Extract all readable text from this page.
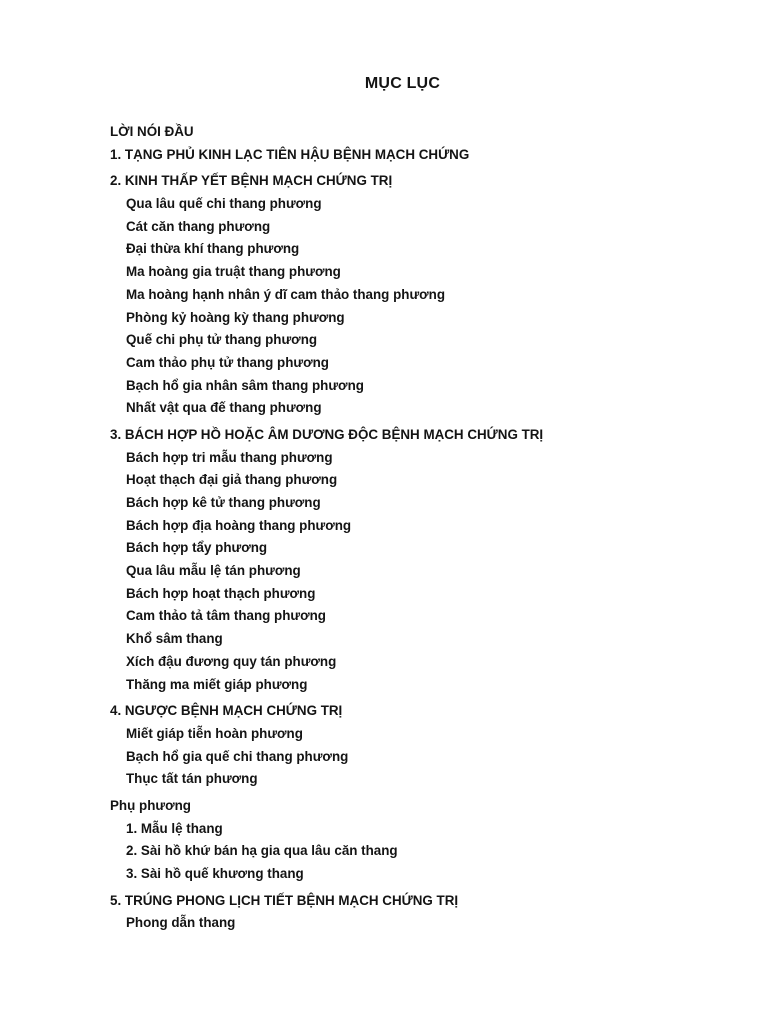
MỤC LỤC
LỜI NÓI ĐẦU
1. TẠNG PHỦ KINH LẠC TIÊN HẬU BỆNH MẠCH CHỨNG
2. KINH THẤP YẾT BỆNH MẠCH CHỨNG TRỊ
Qua lâu quế chi thang phương
Cát căn thang phương
Đại thừa khí thang phương
Ma hoàng gia truật thang phương
Ma hoàng hạnh nhân ý dĩ cam thảo thang phương
Phòng kỷ hoàng kỳ thang phương
Quế chi phụ tử thang phương
Cam thảo phụ tử thang phương
Bạch hổ gia nhân sâm thang phương
Nhất vật qua đế thang phương
3. BÁCH HỢP HỒ HOẶC ÂM DƯƠNG ĐỘC BỆNH MẠCH CHỨNG TRỊ
Bách hợp tri mẫu thang phương
Hoạt thạch đại giả thang phương
Bách hợp kê tử thang phương
Bách hợp địa hoàng thang phương
Bách hợp tẩy phương
Qua lâu mẫu lệ tán phương
Bách hợp hoạt thạch phương
Cam thảo tả tâm thang phương
Khổ sâm thang
Xích đậu đương quy tán phương
Thăng ma miết giáp phương
4. NGƯỢC BỆNH MẠCH CHỨNG TRỊ
Miết giáp tiễn hoàn phương
Bạch hổ gia quế chi thang phương
Thục tất tán phương
Phụ phương
1. Mẫu lệ thang
2. Sài hồ khứ bán hạ gia qua lâu căn thang
3. Sài hồ quế khương thang
5. TRÚNG PHONG LỊCH TIẾT BỆNH MẠCH CHỨNG TRỊ
Phong dẫn thang
